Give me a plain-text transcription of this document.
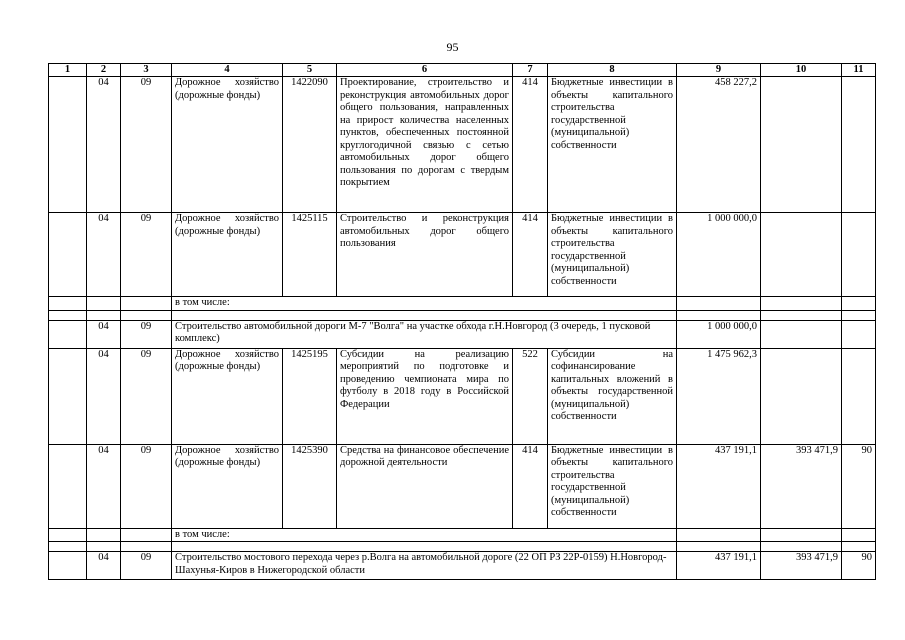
95
1	2	3	4	5	6	7	8	9	10	11
	04	09	Дорожное хозяйство (дорожные фонды)	1422090	Проектирование, строительство и реконструкция автомобильных дорог общего пользования, направленных на прирост количества населенных пунктов, обеспеченных постоянной круглогодичной связью с сетью автомобильных дорог общего пользования по дорогам с твердым покрытием	414	Бюджетные инвестиции в объекты капитального строительства государственной (муниципальной) собственности	458 227,2		
	04	09	Дорожное хозяйство (дорожные фонды)	1425115	Строительство и реконструкция автомобильных дорог общего пользования	414	Бюджетные инвестиции в объекты капитального строительства государственной (муниципальной) собственности	1 000 000,0		
			в том числе:							

	04	09	Строительство автомобильной дороги М-7 "Волга" на участке обхода г.Н.Новгород (3 очередь, 1 пусковой комплекс)					1 000 000,0		
	04	09	Дорожное хозяйство (дорожные фонды)	1425195	Субсидии на реализацию мероприятий по подготовке и проведению чемпионата мира по футболу в 2018 году в Российской Федерации	522	Субсидии на софинансирование капитальных вложений в объекты государственной (муниципальной) собственности	1 475 962,3		
	04	09	Дорожное хозяйство (дорожные фонды)	1425390	Средства на финансовое обеспечение дорожной деятельности	414	Бюджетные инвестиции в объекты капитального строительства государственной (муниципальной) собственности	437 191,1	393 471,9	90
			в том числе:							

	04	09	Строительство мостового перехода через р.Волга на автомобильной дороге (22 ОП РЗ 22Р-0159) Н.Новгород-Шахунья-Киров в Нижегородской области					437 191,1	393 471,9	90
